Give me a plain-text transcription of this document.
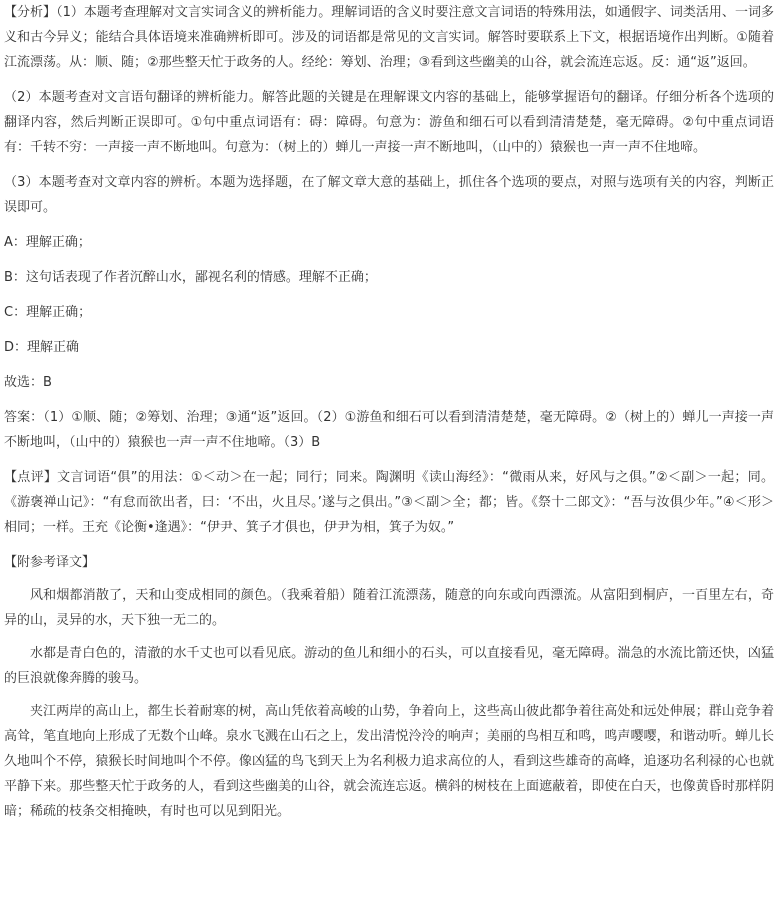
【分析】（1）本题考查理解对文言实词含义的辨析能力。理解词语的含义时要注意文言词语的特殊用法，如通假字、词类活用、一词多义和古今异义；能结合具体语境来准确辨析即可。涉及的词语都是常见的文言实词。解答时要联系上下文，根据语境作出判断。①随着江流漂荡。从：顺、随；②那些整天忙于政务的人。经纶：筹划、治理；③看到这些幽美的山谷，就会流连忘返。反：通“返”返回。

（2）本题考查对文言语句翻译的辨析能力。解答此题的关键是在理解课文内容的基础上，能够掌握语句的翻译。仔细分析各个选项的翻译内容，然后判断正误即可。①句中重点词语有：碍：障碍。句意为：游鱼和细石可以看到清清楚楚，毫无障碍。②句中重点词语有：千转不穷：一声接一声不断地叫。句意为：（树上的）蝉儿一声接一声不断地叫，（山中的）猿猴也一声一声不住地啼。

（3）本题考查对文章内容的辨析。本题为选择题，在了解文章大意的基础上，抓住各个选项的要点，对照与选项有关的内容，判断正误即可。

A：理解正确；

B：这句话表现了作者沉醉山水，鄙视名利的情感。理解不正确；

C：理解正确；

D：理解正确

故选：B

答案：（1）①顺、随；②筹划、治理；③通“返”返回。（2）①游鱼和细石可以看到清清楚楚，毫无障碍。②（树上的）蝉儿一声接一声不断地叫，（山中的）猿猴也一声一声不住地啼。（3）B

【点评】文言词语“俱”的用法：①＜动＞在一起；同行；同来。陶渊明《读山海经》：“微雨从来，好风与之俱。”②＜副＞一起；同。《游褒禅山记》：“有怠而欲出者，曰：‘不出，火且尽。’遂与之俱出。”③＜副＞全；都；皆。《祭十二郎文》：“吾与汝俱少年。”④＜形＞相同；一样。王充《论衡•逢遇》：“伊尹、箕子才俱也，伊尹为相，箕子为奴。”

【附参考译文】

风和烟都消散了，天和山变成相同的颜色。（我乘着船）随着江流漂荡，随意的向东或向西漂流。从富阳到桐庐，一百里左右，奇异的山，灵异的水，天下独一无二的。

水都是青白色的，清澈的水千丈也可以看见底。游动的鱼儿和细小的石头，可以直接看见，毫无障碍。湍急的水流比箭还快，凶猛的巨浪就像奔腾的骏马。

夹江两岸的高山上，都生长着耐寒的树，高山凭依着高峻的山势，争着向上，这些高山彼此都争着往高处和远处伸展；群山竞争着高耸，笔直地向上形成了无数个山峰。泉水飞溅在山石之上，发出清悦泠泠的响声；美丽的鸟相互和鸣，鸣声嘤嘤，和谐动听。蝉儿长久地叫个不停，猿猴长时间地叫个不停。像凶猛的鸟飞到天上为名利极力追求高位的人，看到这些雄奇的高峰，追逐功名利禄的心也就平静下来。那些整天忙于政务的人，看到这些幽美的山谷，就会流连忘返。横斜的树枝在上面遮蔽着，即使在白天，也像黄昏时那样阴暗；稀疏的枝条交相掩映，有时也可以见到阳光。
